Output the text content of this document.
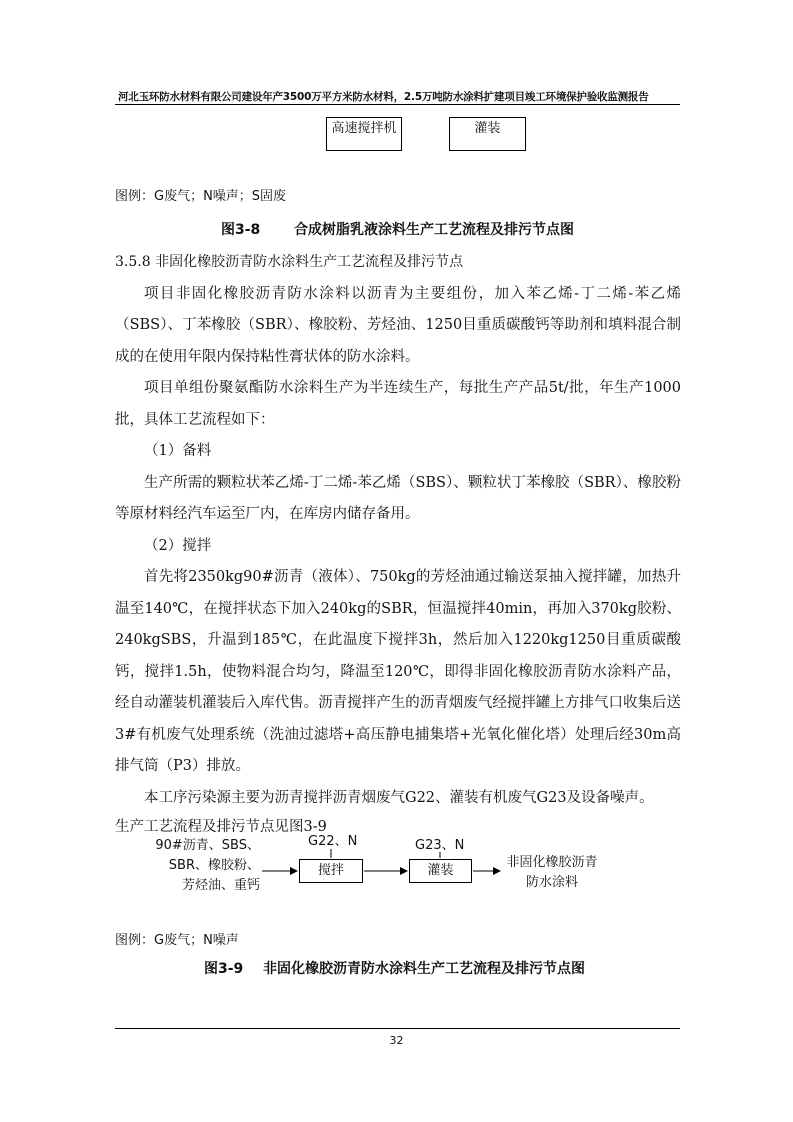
河北玉环防水材料有限公司建设年产3500万平方米防水材料，2.5万吨防水涂料扩建项目竣工环境保护验收监测报告
高速搅拌机	灌装
图例：G废气；N噪声；S固废
图3-8 合成树脂乳液涂料生产工艺流程及排污节点图

3.5.8 非固化橡胶沥青防水涂料生产工艺流程及排污节点

项目非固化橡胶沥青防水涂料以沥青为主要组份，加入苯乙烯-丁二烯-苯乙烯（SBS）、丁苯橡胶（SBR）、橡胶粉、芳烃油、1250目重质碳酸钙等助剂和填料混合制成的在使用年限内保持粘性膏状体的防水涂料。

项目单组份聚氨酯防水涂料生产为半连续生产，每批生产产品5t/批，年生产1000批，具体工艺流程如下：

（1）备料

生产所需的颗粒状苯乙烯-丁二烯-苯乙烯（SBS）、颗粒状丁苯橡胶（SBR）、橡胶粉等原材料经汽车运至厂内，在库房内储存备用。

（2）搅拌

首先将2350kg90#沥青（液体）、750kg的芳烃油通过输送泵抽入搅拌罐，加热升温至140℃，在搅拌状态下加入240kg的SBR，恒温搅拌40min，再加入370kg胶粉、240kgSBS，升温到185℃，在此温度下搅拌3h，然后加入1220kg1250目重质碳酸钙，搅拌1.5h，使物料混合均匀，降温至120℃，即得非固化橡胶沥青防水涂料产品，经自动灌装机灌装后入库代售。沥青搅拌产生的沥青烟废气经搅拌罐上方排气口收集后送3#有机废气处理系统（洗油过滤塔+高压静电捕集塔+光氧化催化塔）处理后经30m高排气筒（P3）排放。

本工序污染源主要为沥青搅拌沥青烟废气G22、灌装有机废气G23及设备噪声。

生产工艺流程及排污节点见图3-9

90#沥青、SBS、
SBR、橡胶粉、
芳烃油、重钙
G22、N	G23、N
搅拌	灌装
非固化橡胶沥青
防水涂料
图例：G废气；N噪声
图3-9 非固化橡胶沥青防水涂料生产工艺流程及排污节点图
32
